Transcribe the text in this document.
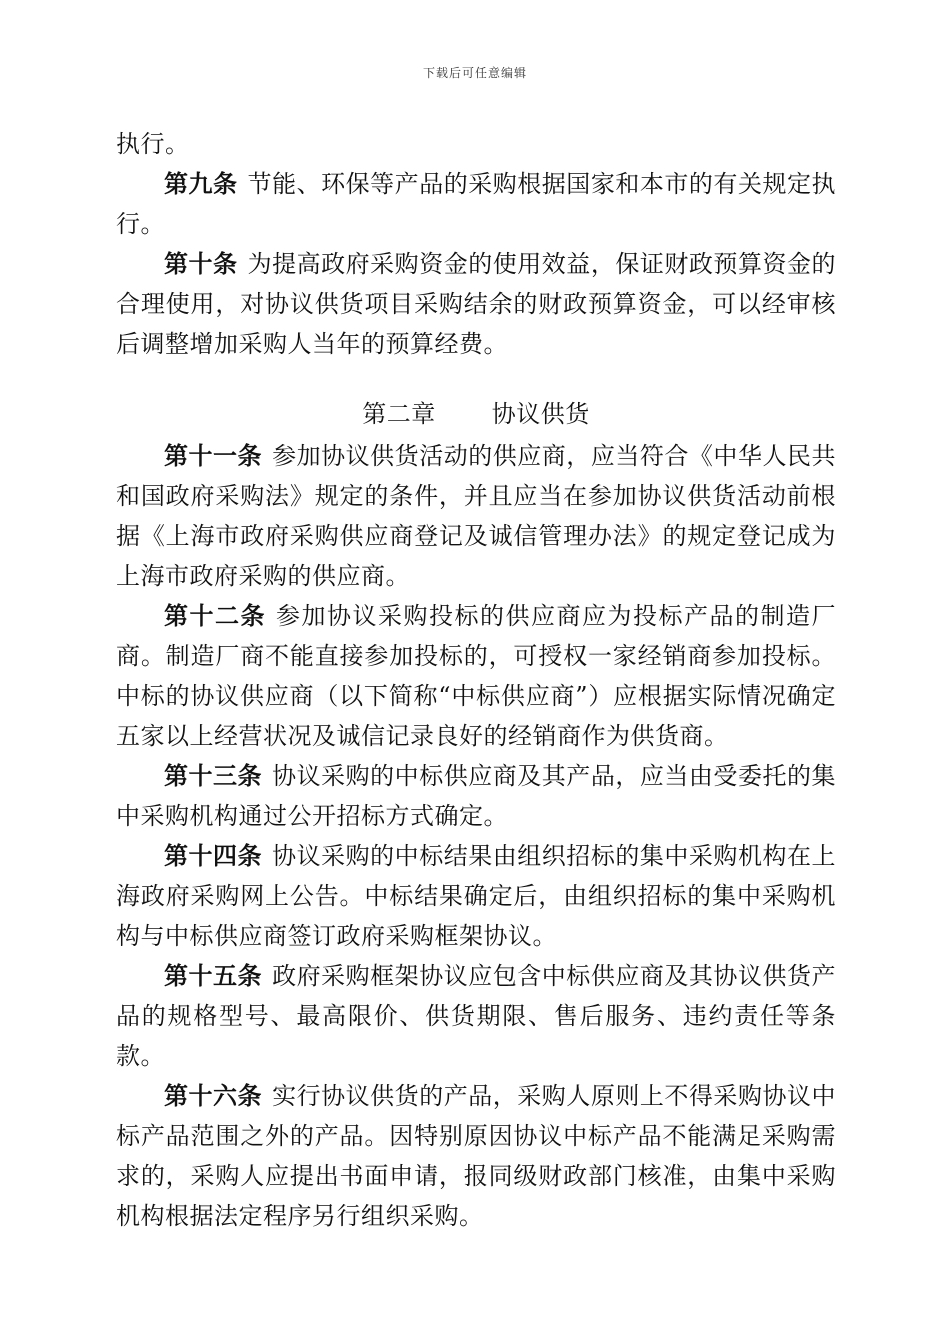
下载后可任意编辑

执行。

第九条 节能、环保等产品的采购根据国家和本市的有关规定执行。

第十条 为提高政府采购资金的使用效益，保证财政预算资金的合理使用，对协议供货项目采购结余的财政预算资金，可以经审核后调整增加采购人当年的预算经费。

第二章 协议供货

第十一条 参加协议供货活动的供应商，应当符合《中华人民共和国政府采购法》规定的条件，并且应当在参加协议供货活动前根据《上海市政府采购供应商登记及诚信管理办法》的规定登记成为上海市政府采购的供应商。

第十二条 参加协议采购投标的供应商应为投标产品的制造厂商。制造厂商不能直接参加投标的，可授权一家经销商参加投标。中标的协议供应商（以下简称“中标供应商”）应根据实际情况确定五家以上经营状况及诚信记录良好的经销商作为供货商。

第十三条 协议采购的中标供应商及其产品，应当由受委托的集中采购机构通过公开招标方式确定。

第十四条 协议采购的中标结果由组织招标的集中采购机构在上海政府采购网上公告。中标结果确定后，由组织招标的集中采购机构与中标供应商签订政府采购框架协议。

第十五条 政府采购框架协议应包含中标供应商及其协议供货产品的规格型号、最高限价、供货期限、售后服务、违约责任等条款。

第十六条 实行协议供货的产品，采购人原则上不得采购协议中标产品范围之外的产品。因特别原因协议中标产品不能满足采购需求的，采购人应提出书面申请，报同级财政部门核准，由集中采购机构根据法定程序另行组织采购。
